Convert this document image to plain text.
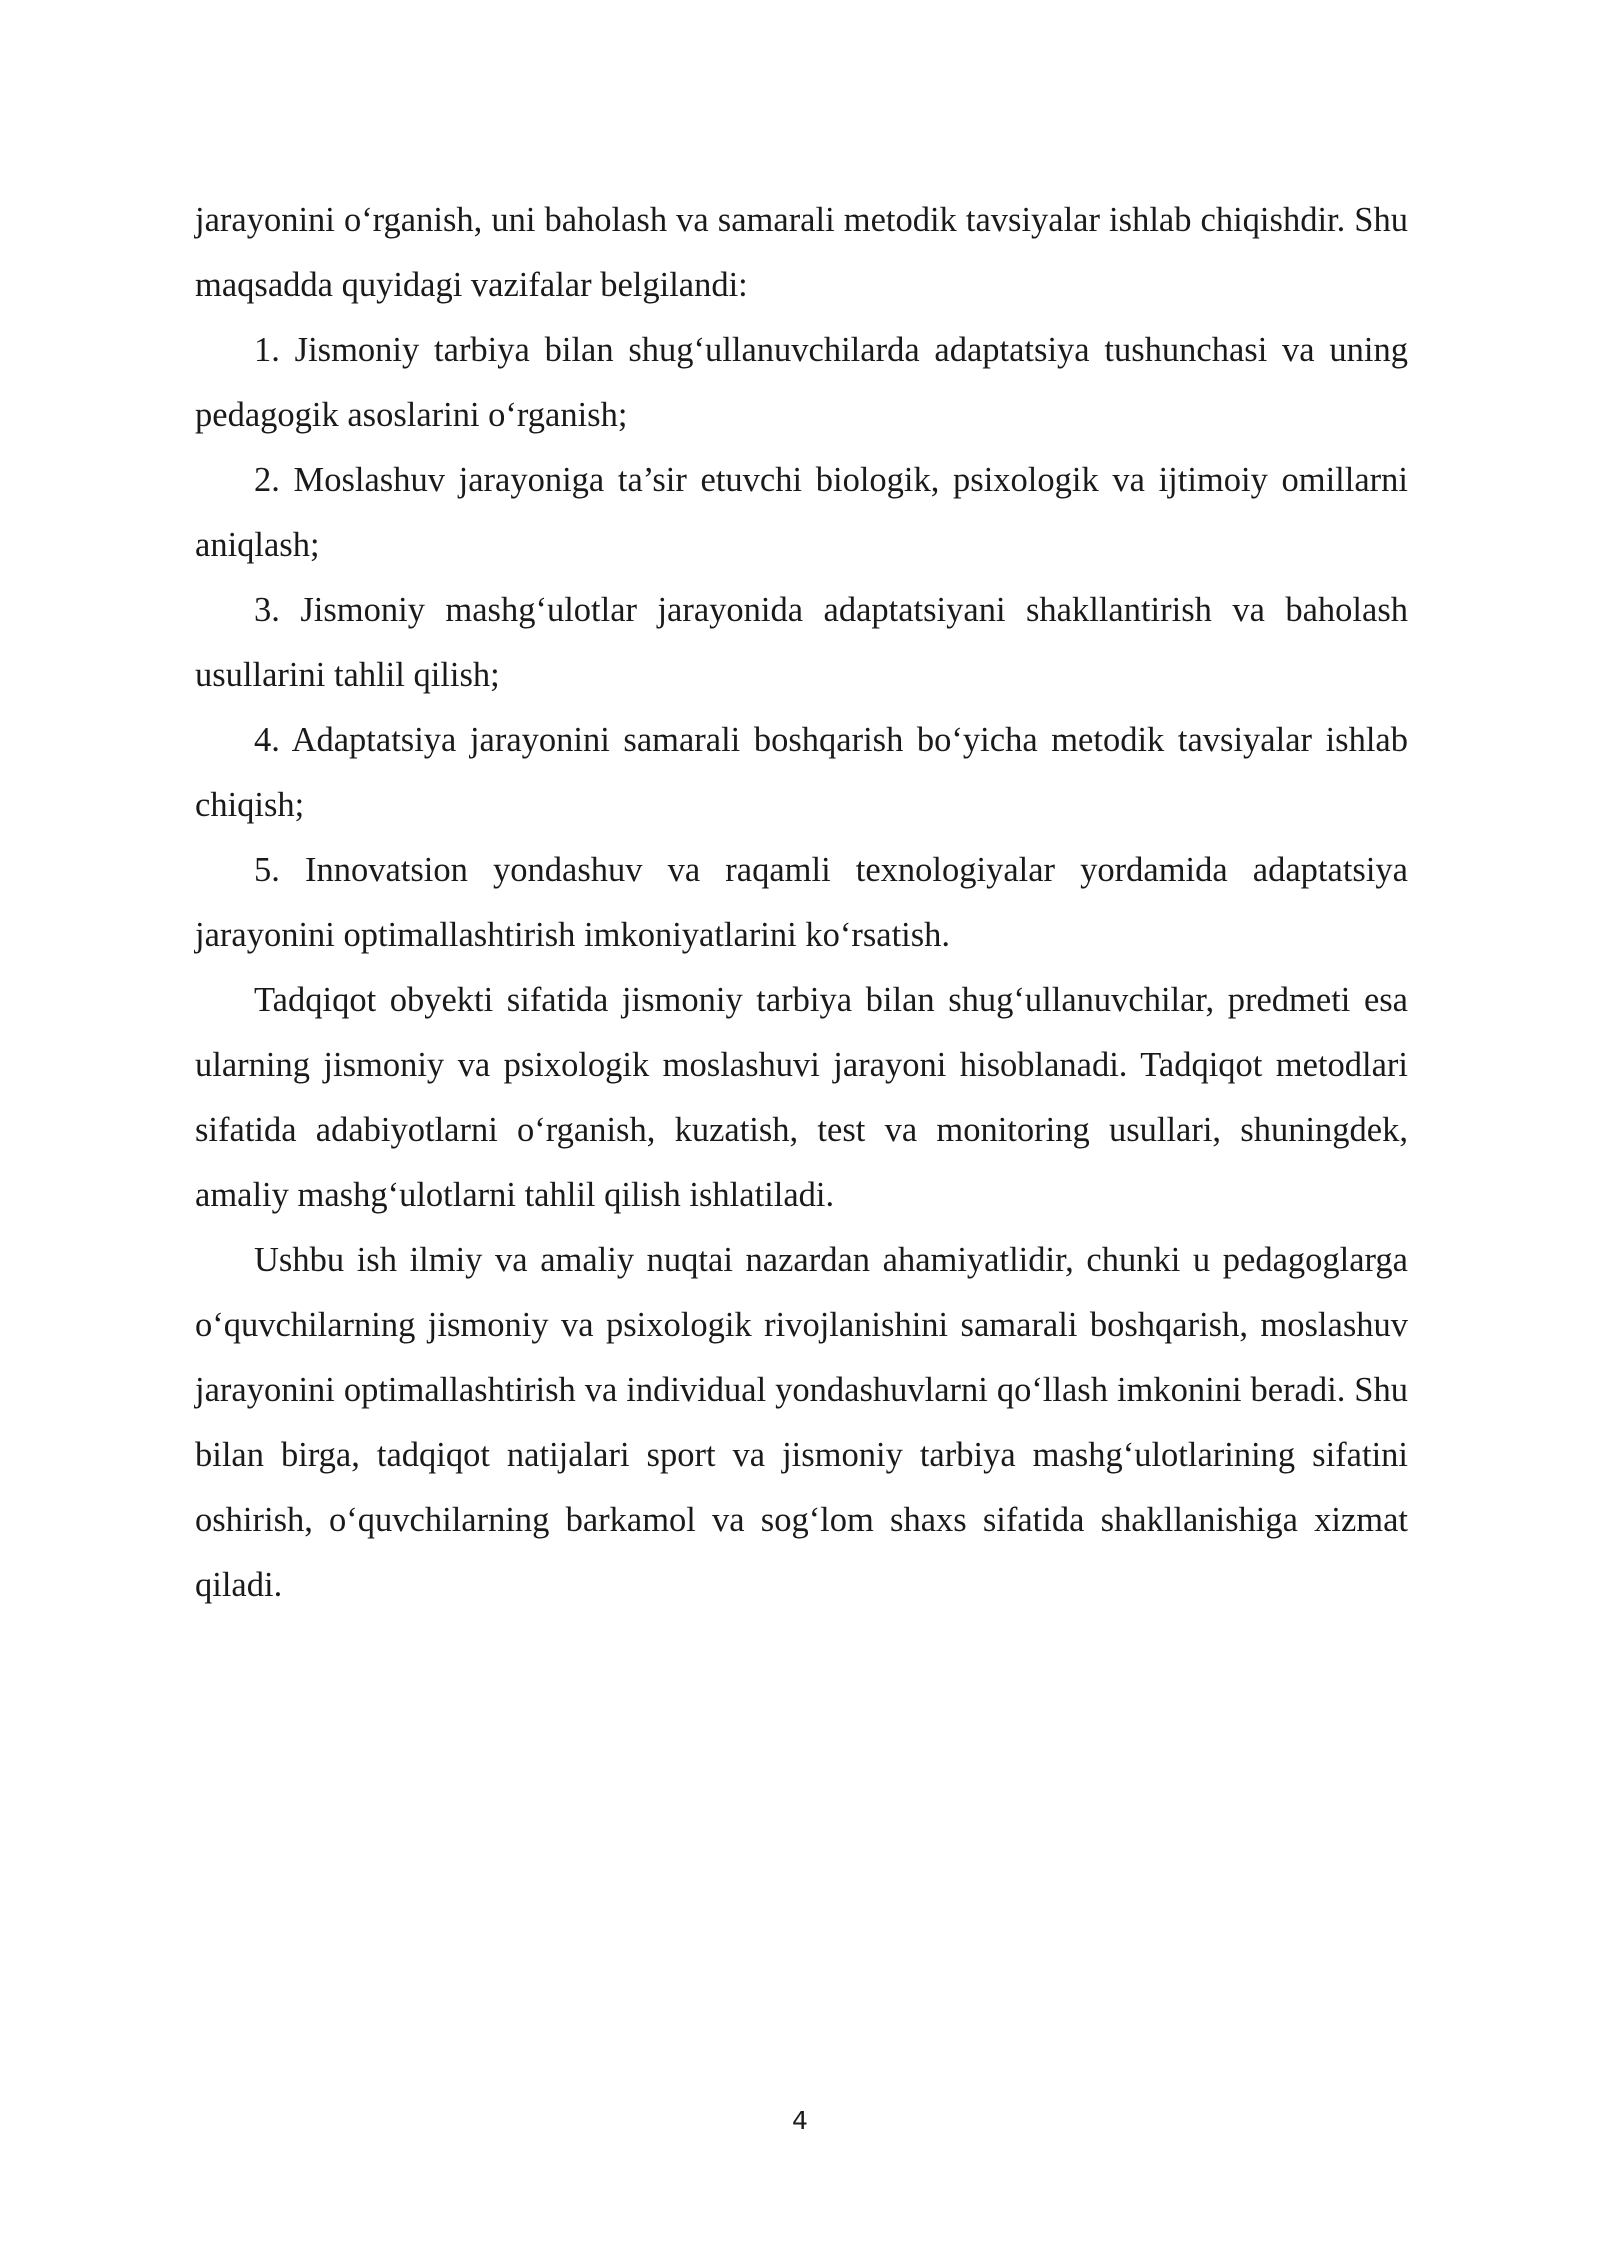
jarayonini o‘rganish, uni baholash va samarali metodik tavsiyalar ishlab chiqishdir. Shu maqsadda quyidagi vazifalar belgilandi:

1. Jismoniy tarbiya bilan shug‘ullanuvchilarda adaptatsiya tushunchasi va uning pedagogik asoslarini o‘rganish;

2. Moslashuv jarayoniga ta’sir etuvchi biologik, psixologik va ijtimoiy omillarni aniqlash;

3. Jismoniy mashg‘ulotlar jarayonida adaptatsiyani shakllantirish va baholash usullarini tahlil qilish;

4. Adaptatsiya jarayonini samarali boshqarish bo‘yicha metodik tavsiyalar ishlab chiqish;

5. Innovatsion yondashuv va raqamli texnologiyalar yordamida adaptatsiya jarayonini optimallashtirish imkoniyatlarini ko‘rsatish.

Tadqiqot obyekti sifatida jismoniy tarbiya bilan shug‘ullanuvchilar, predmeti esa ularning jismoniy va psixologik moslashuvi jarayoni hisoblanadi. Tadqiqot metodlari sifatida adabiyotlarni o‘rganish, kuzatish, test va monitoring usullari, shuningdek, amaliy mashg‘ulotlarni tahlil qilish ishlatiladi.

Ushbu ish ilmiy va amaliy nuqtai nazardan ahamiyatlidir, chunki u pedagoglarga o‘quvchilarning jismoniy va psixologik rivojlanishini samarali boshqarish, moslashuv jarayonini optimallashtirish va individual yondashuvlarni qo‘llash imkonini beradi. Shu bilan birga, tadqiqot natijalari sport va jismoniy tarbiya mashg‘ulotlarining sifatini oshirish, o‘quvchilarning barkamol va sog‘lom shaxs sifatida shakllanishiga xizmat qiladi.

4
